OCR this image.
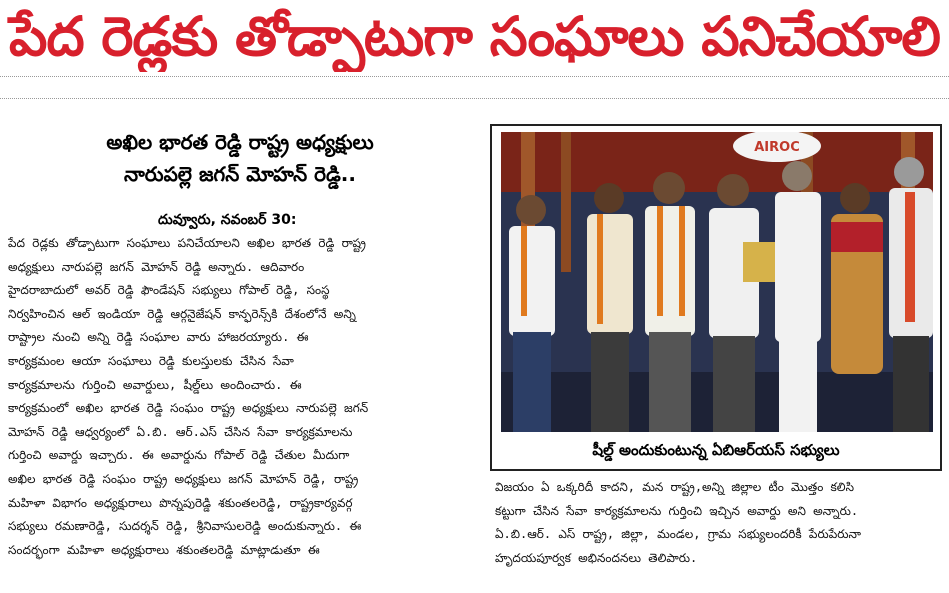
పేద రెడ్లకు తోడ్పాటుగా సంఘాలు పనిచేయాలి
అఖిల భారత రెడ్డి రాష్ట్ర అధ్యక్షులు
నారుపల్లె జగన్ మోహన్ రెడ్డి..
దువ్వూరు, నవంబర్ 30:
పేద రెడ్లకు తోడ్పాటుగా సంఘాలు పనిచేయాలని అఖిల భారత రెడ్డి రాష్ట్ర
అధ్యక్షులు నారుపల్లె జగన్ మోహన్ రెడ్డి అన్నారు. ఆదివారం
హైదరాబాదులో అవర్ రెడ్డి ఫౌండేషన్ సభ్యులు గోపాల్ రెడ్డి, సంస్థ
నిర్వహించిన ఆల్ ఇండియా రెడ్డి ఆర్గనైజేషన్ కాన్ఫరెన్స్‌కి దేశంలోనే అన్ని
రాష్ట్రాల నుంచి అన్ని రెడ్డి సంఘాల వారు హాజరయ్యారు. ఈ
కార్యక్రమంల ఆయా సంఘాలు రెడ్డి కులస్తులకు చేసిన సేవా
కార్యక్రమాలను గుర్తించి అవార్డులు, షీల్డ్‌లు అందించారు. ఈ
కార్యక్రమంలో అఖిల భారత రెడ్డి సంఘం రాష్ట్ర అధ్యక్షులు నారుపల్లె జగన్
మోహన్ రెడ్డి ఆధ్వర్యంలో ఏ.బి. ఆర్.ఎస్ చేసిన సేవా కార్యక్రమాలను
గుర్తించి అవార్డు ఇచ్చారు. ఈ అవార్డును గోపాల్ రెడ్డి చేతుల మీదుగా
అఖిల భారత రెడ్డి సంఘం రాష్ట్ర అధ్యక్షులు జగన్ మోహన్ రెడ్డి, రాష్ట్ర
మహిళా విభాగం అధ్యక్షురాలు పొన్నపురెడ్డి శకుంతలరెడ్డి, రాష్ట్రకార్యవర్గ
సభ్యులు రమణారెడ్డి, సుదర్శన్ రెడ్డి, శ్రీనివాసులరెడ్డి అందుకున్నారు. ఈ
సందర్భంగా మహిళా అధ్యక్షురాలు శకుంతలరెడ్డి మాట్లాడుతూ ఈ
AIROC
షీల్డ్ అందుకుంటున్న ఏబిఆర్‌యస్ సభ్యులు
విజయం ఏ ఒక్కరిదీ కాదని, మన రాష్ట్ర,అన్ని జిల్లాల టీం మొత్తం కలిసి
కట్టుగా చేసిన సేవా కార్యక్రమాలను గుర్తించి ఇచ్చిన అవార్డు అని అన్నారు.
ఏ.బి.ఆర్. ఎస్ రాష్ట్ర, జిల్లా, మండల, గ్రామ సభ్యులందరికీ పేరుపేరునా
హృదయపూర్వక అభినందనలు తెలిపారు.
